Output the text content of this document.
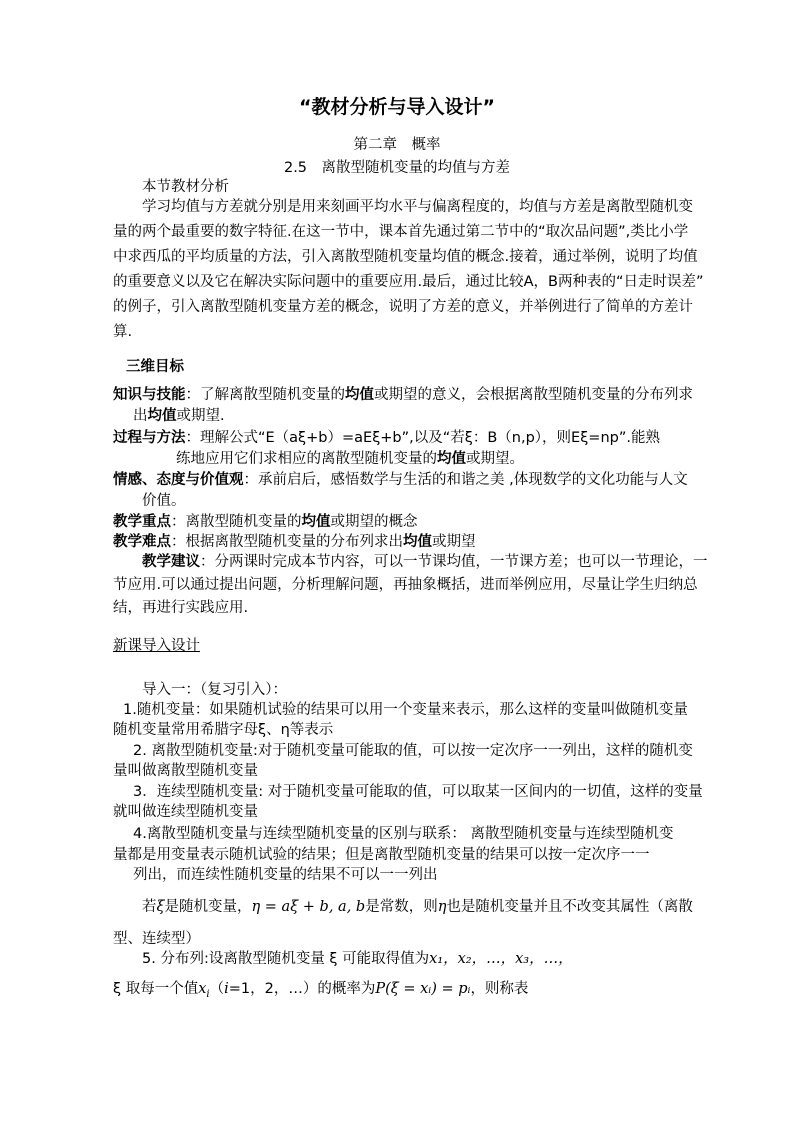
“教材分析与导入设计”
第二章　概率
2.5　离散型随机变量的均值与方差
本节教材分析
学习均值与方差就分别是用来刻画平均水平与偏离程度的，均值与方差是离散型随机变
量的两个最重要的数字特征.在这一节中，课本首先通过第二节中的“取次品问题”,类比小学
中求西瓜的平均质量的方法，引入离散型随机变量均值的概念.接着，通过举例，说明了均值
的重要意义以及它在解决实际问题中的重要应用.最后，通过比较A，B两种表的“日走时误差”
的例子，引入离散型随机变量方差的概念，说明了方差的意义，并举例进行了简单的方差计
算.
三维目标
知识与技能：了解离散型随机变量的均值或期望的意义，会根据离散型随机变量的分布列求
出均值或期望.
过程与方法：理解公式“E（aξ+b）=aEξ+b”,以及“若ξ：B（n,p），则Eξ=np”.能熟
练地应用它们求相应的离散型随机变量的均值或期望。
情感、态度与价值观：承前启后，感悟数学与生活的和谐之美 ,体现数学的文化功能与人文
价值。
教学重点：离散型随机变量的均值或期望的概念
教学难点：根据离散型随机变量的分布列求出均值或期望
教学建议：分两课时完成本节内容，可以一节课均值，一节课方差；也可以一节理论，一
节应用.可以通过提出问题，分析理解问题，再抽象概括，进而举例应用，尽量让学生归纳总
结，再进行实践应用.
新课导入设计
导入一：（复习引入）：
1.随机变量：如果随机试验的结果可以用一个变量来表示，那么这样的变量叫做随机变量
随机变量常用希腊字母ξ、η等表示
2. 离散型随机变量:对于随机变量可能取的值，可以按一定次序一一列出，这样的随机变
量叫做离散型随机变量
3．连续型随机变量: 对于随机变量可能取的值，可以取某一区间内的一切值，这样的变量
就叫做连续型随机变量
4.离散型随机变量与连续型随机变量的区别与联系： 离散型随机变量与连续型随机变
量都是用变量表示随机试验的结果；但是离散型随机变量的结果可以按一定次序一一
列出，而连续性随机变量的结果不可以一一列出
若ξ是随机变量，η = aξ + b, a, b是常数，则η也是随机变量并且不改变其属性（离散
型、连续型）
5. 分布列:设离散型随机变量 ξ 可能取得值为x₁，x₂，…，x₃，…，
ξ 取每一个值$x_i(i=1$，2，…）的概率为P(ξ = xᵢ) = pᵢ，则称表
